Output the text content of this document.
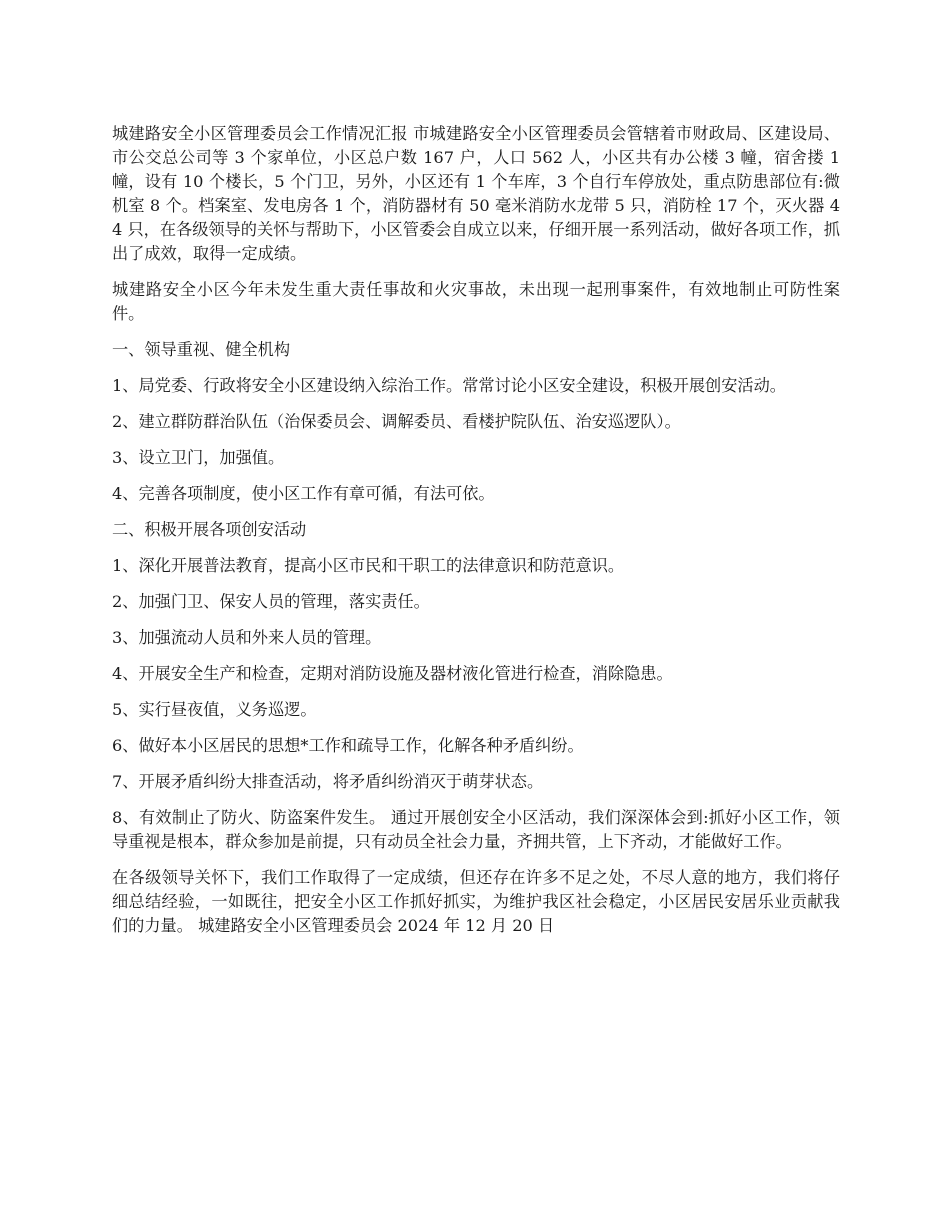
城建路安全小区管理委员会工作情况汇报 市城建路安全小区管理委员会管辖着市财政局、区建设局、市公交总公司等 3 个家单位，小区总户数 167 户，人口 562 人，小区共有办公楼 3 幢，宿舍搂 1 幢，设有 10 个楼长，5 个门卫，另外，小区还有 1 个车库，3 个自行车停放处，重点防患部位有:微机室 8 个。档案室、发电房各 1 个，消防器材有 50 毫米消防水龙带 5 只，消防栓 17 个，灭火器 44 只，在各级领导的关怀与帮助下，小区管委会自成立以来，仔细开展一系列活动，做好各项工作，抓出了成效，取得一定成绩。

城建路安全小区今年未发生重大责任事故和火灾事故，未出现一起刑事案件，有效地制止可防性案件。

一、领导重视、健全机构

1、局党委、行政将安全小区建设纳入综治工作。常常讨论小区安全建设，积极开展创安活动。

2、建立群防群治队伍（治保委员会、调解委员、看楼护院队伍、治安巡逻队）。

3、设立卫门，加强值。

4、完善各项制度，使小区工作有章可循，有法可依。

二、积极开展各项创安活动

1、深化开展普法教育，提高小区市民和干职工的法律意识和防范意识。

2、加强门卫、保安人员的管理，落实责任。

3、加强流动人员和外来人员的管理。

4、开展安全生产和检查，定期对消防设施及器材液化管进行检查，消除隐患。

5、实行昼夜值，义务巡逻。

6、做好本小区居民的思想*工作和疏导工作，化解各种矛盾纠纷。

7、开展矛盾纠纷大排查活动，将矛盾纠纷消灭于萌芽状态。

8、有效制止了防火、防盗案件发生。 通过开展创安全小区活动，我们深深体会到:抓好小区工作，领导重视是根本，群众参加是前提，只有动员全社会力量，齐拥共管，上下齐动，才能做好工作。

在各级领导关怀下，我们工作取得了一定成绩，但还存在许多不足之处，不尽人意的地方，我们将仔细总结经验，一如既往，把安全小区工作抓好抓实，为维护我区社会稳定，小区居民安居乐业贡献我们的力量。 城建路安全小区管理委员会 2024 年 12 月 20 日
